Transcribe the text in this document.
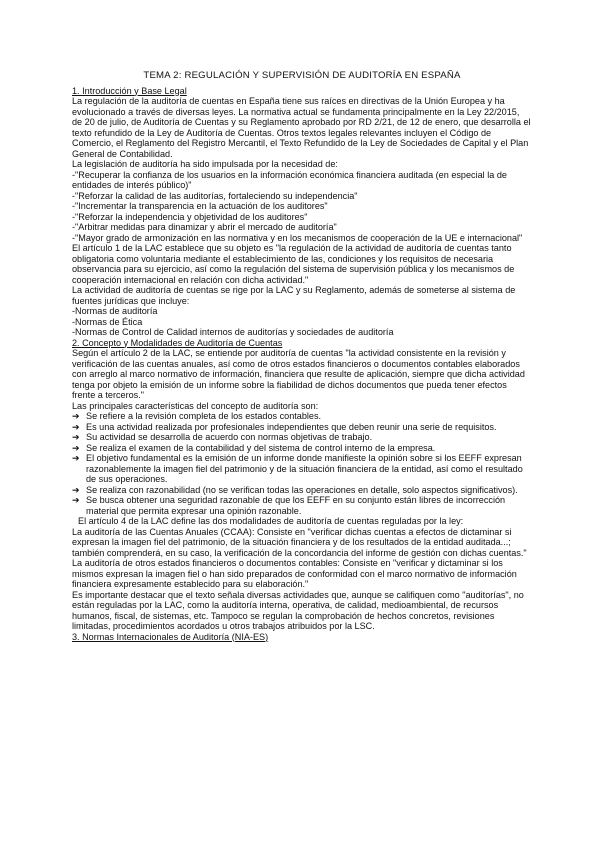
TEMA 2: REGULACIÓN Y SUPERVISIÓN DE AUDITORÍA EN ESPAÑA

1. Introducción y Base Legal

La regulación de la auditoría de cuentas en España tiene sus raíces en directivas de la Unión Europea y ha evolucionado a través de diversas leyes. La normativa actual se fundamenta principalmente en la Ley 22/2015, de 20 de julio, de Auditoría de Cuentas y su Reglamento aprobado por RD 2/21, de 12 de enero, que desarrolla el texto refundido de la Ley de Auditoría de Cuentas. Otros textos legales relevantes incluyen el Código de Comercio, el Reglamento del Registro Mercantil, el Texto Refundido de la Ley de Sociedades de Capital y el Plan General de Contabilidad.

La legislación de auditoría ha sido impulsada por la necesidad de:

-"Recuperar la confianza de los usuarios en la información económica financiera auditada (en especial la de entidades de interés público)"

-"Reforzar la calidad de las auditorías, fortaleciendo su independencia"

-"Incrementar la transparencia en la actuación de los auditores"

-"Reforzar la independencia y objetividad de los auditores"

-"Arbitrar medidas para dinamizar y abrir el mercado de auditoría"

-"Mayor grado de armonización en las normativa y en los mecanismos de cooperación de la UE e internacional"

El artículo 1 de la LAC establece que su objeto es "la regulación de la actividad de auditoría de cuentas tanto obligatoria como voluntaria mediante el establecimiento de las, condiciones y los requisitos de necesaria observancia para su ejercicio, así como la regulación del sistema de supervisión pública y los mecanismos de cooperación internacional en relación con dicha actividad."

La actividad de auditoría de cuentas se rige por la LAC y su Reglamento, además de someterse al sistema de fuentes jurídicas que incluye:

-Normas de auditoría

-Normas de Ética

-Normas de Control de Calidad internos de auditorías y sociedades de auditoría

2. Concepto y Modalidades de Auditoría de Cuentas

Según el artículo 2 de la LAC, se entiende por auditoría de cuentas "la actividad consistente en la revisión y verificación de las cuentas anuales, así como de otros estados financieros o documentos contables elaborados con arreglo al marco normativo de información, financiera que resulte de aplicación, siempre que dicha actividad tenga por objeto la emisión de un informe sobre la fiabilidad de dichos documentos que pueda tener efectos frente a terceros."

Las principales características del concepto de auditoría son:

➔ Se refiere a la revisión completa de los estados contables.
➔ Es una actividad realizada por profesionales independientes que deben reunir una serie de requisitos.
➔ Su actividad se desarrolla de acuerdo con normas objetivas de trabajo.
➔ Se realiza el examen de la contabilidad y del sistema de control interno de la empresa.
➔ El objetivo fundamental es la emisión de un informe donde manifieste la opinión sobre si los EEFF expresan razonablemente la imagen fiel del patrimonio y de la situación financiera de la entidad, así como el resultado de sus operaciones.
➔ Se realiza con razonabilidad (no se verifican todas las operaciones en detalle, solo aspectos significativos).
➔ Se busca obtener una seguridad razonable de que los EEFF en su conjunto están libres de incorrección material que permita expresar una opinión razonable.

El artículo 4 de la LAC define las dos modalidades de auditoría de cuentas reguladas por la ley:

La auditoría de las Cuentas Anuales (CCAA): Consiste en "verificar dichas cuentas a efectos de dictaminar si expresan la imagen fiel del patrimonio, de la situación financiera y de los resultados de la entidad auditada...; también comprenderá, en su caso, la verificación de la concordancia del informe de gestión con dichas cuentas."

La auditoría de otros estados financieros o documentos contables: Consiste en "verificar y dictaminar si los mismos expresan la imagen fiel o han sido preparados de conformidad con el marco normativo de información financiera expresamente establecido para su elaboración."

Es importante destacar que el texto señala diversas actividades que, aunque se califiquen como "auditorías", no están reguladas por la LAC, como la auditoría interna, operativa, de calidad, medioambiental, de recursos humanos, fiscal, de sistemas, etc. Tampoco se regulan la comprobación de hechos concretos, revisiones limitadas, procedimientos acordados u otros trabajos atribuidos por la LSC.

3. Normas Internacionales de Auditoría (NIA-ES)
